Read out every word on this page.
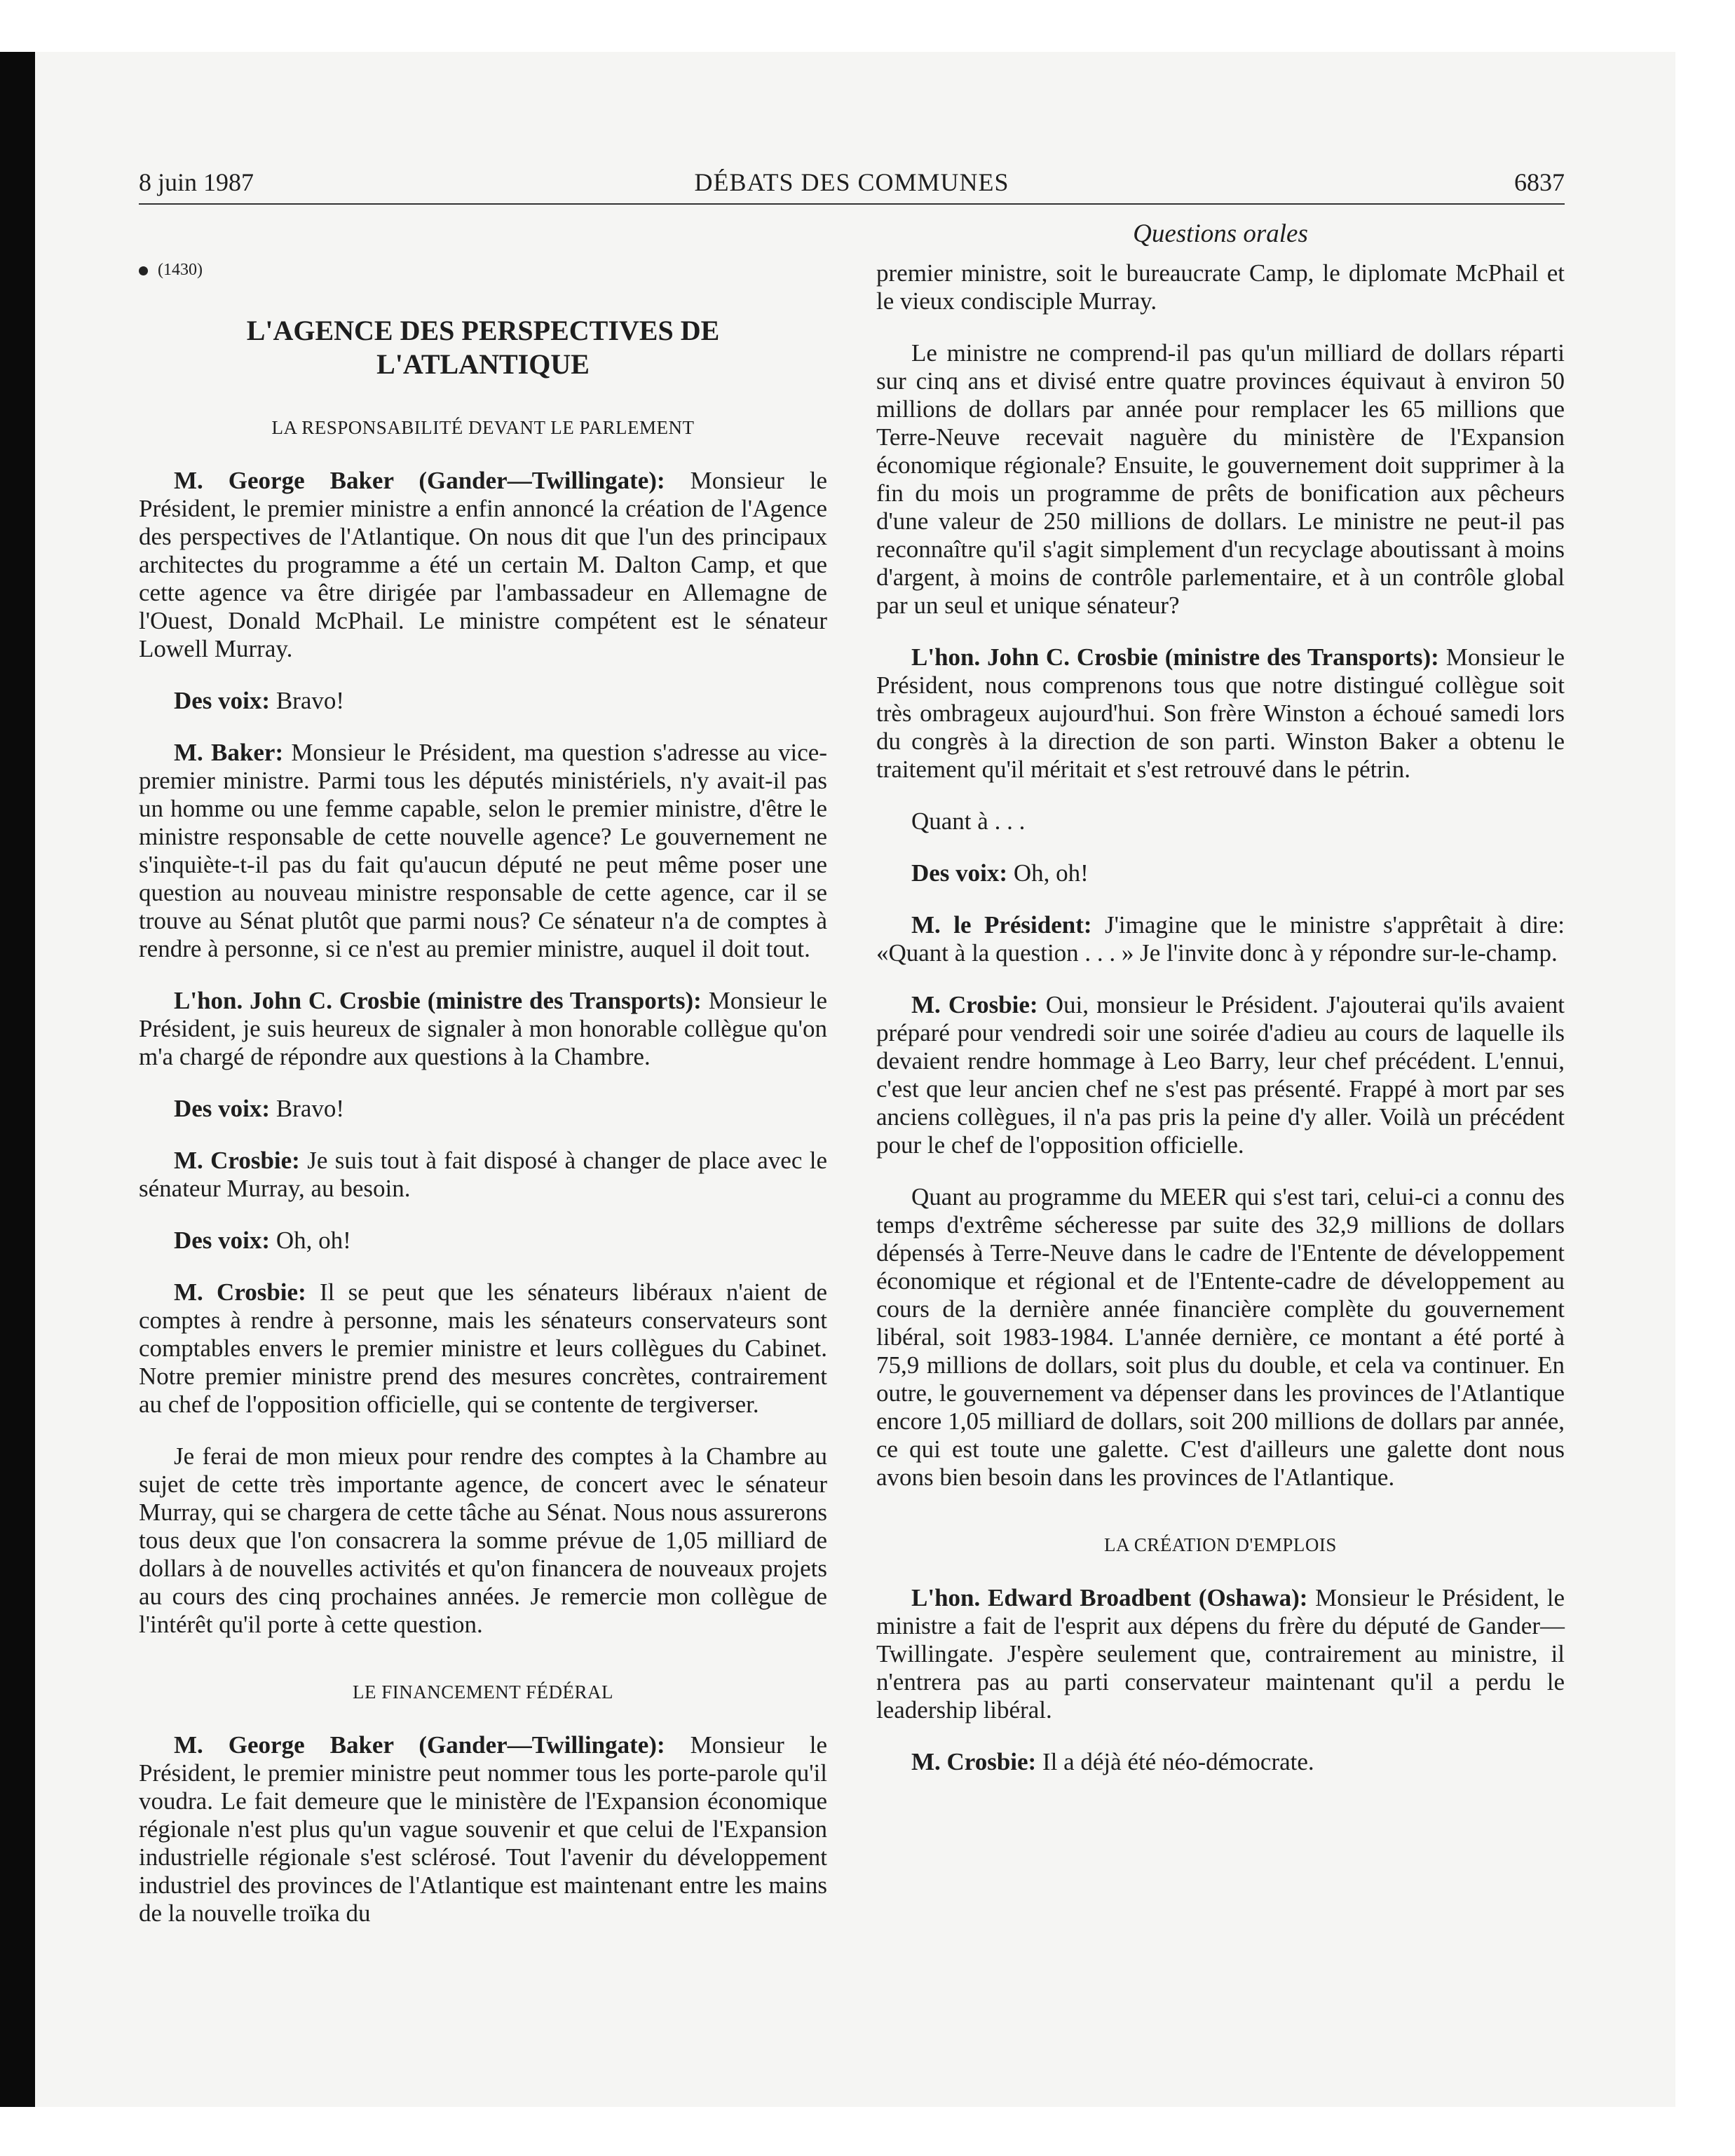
8 juin 1987	DÉBATS DES COMMUNES	6837
Questions orales
(1430)
L'AGENCE DES PERSPECTIVES DE L'ATLANTIQUE
LA RESPONSABILITÉ DEVANT LE PARLEMENT

M. George Baker (Gander—Twillingate): Monsieur le Président, le premier ministre a enfin annoncé la création de l'Agence des perspectives de l'Atlantique. On nous dit que l'un des principaux architectes du programme a été un certain M. Dalton Camp, et que cette agence va être dirigée par l'ambassadeur en Allemagne de l'Ouest, Donald McPhail. Le ministre compétent est le sénateur Lowell Murray.

Des voix: Bravo!

M. Baker: Monsieur le Président, ma question s'adresse au vice-premier ministre. Parmi tous les députés ministériels, n'y avait-il pas un homme ou une femme capable, selon le premier ministre, d'être le ministre responsable de cette nouvelle agence? Le gouvernement ne s'inquiète-t-il pas du fait qu'aucun député ne peut même poser une question au nouveau ministre responsable de cette agence, car il se trouve au Sénat plutôt que parmi nous? Ce sénateur n'a de comptes à rendre à personne, si ce n'est au premier ministre, auquel il doit tout.

L'hon. John C. Crosbie (ministre des Transports): Monsieur le Président, je suis heureux de signaler à mon honorable collègue qu'on m'a chargé de répondre aux questions à la Chambre.

Des voix: Bravo!

M. Crosbie: Je suis tout à fait disposé à changer de place avec le sénateur Murray, au besoin.

Des voix: Oh, oh!

M. Crosbie: Il se peut que les sénateurs libéraux n'aient de comptes à rendre à personne, mais les sénateurs conservateurs sont comptables envers le premier ministre et leurs collègues du Cabinet. Notre premier ministre prend des mesures concrètes, contrairement au chef de l'opposition officielle, qui se contente de tergiverser.

Je ferai de mon mieux pour rendre des comptes à la Chambre au sujet de cette très importante agence, de concert avec le sénateur Murray, qui se chargera de cette tâche au Sénat. Nous nous assurerons tous deux que l'on consacrera la somme prévue de 1,05 milliard de dollars à de nouvelles activités et qu'on financera de nouveaux projets au cours des cinq prochaines années. Je remercie mon collègue de l'intérêt qu'il porte à cette question.

LE FINANCEMENT FÉDÉRAL

M. George Baker (Gander—Twillingate): Monsieur le Président, le premier ministre peut nommer tous les porte-parole qu'il voudra. Le fait demeure que le ministère de l'Expansion économique régionale n'est plus qu'un vague souvenir et que celui de l'Expansion industrielle régionale s'est sclérosé. Tout l'avenir du développement industriel des provinces de l'Atlantique est maintenant entre les mains de la nouvelle troïka du

premier ministre, soit le bureaucrate Camp, le diplomate McPhail et le vieux condisciple Murray.

Le ministre ne comprend-il pas qu'un milliard de dollars réparti sur cinq ans et divisé entre quatre provinces équivaut à environ 50 millions de dollars par année pour remplacer les 65 millions que Terre-Neuve recevait naguère du ministère de l'Expansion économique régionale? Ensuite, le gouvernement doit supprimer à la fin du mois un programme de prêts de bonification aux pêcheurs d'une valeur de 250 millions de dollars. Le ministre ne peut-il pas reconnaître qu'il s'agit simplement d'un recyclage aboutissant à moins d'argent, à moins de contrôle parlementaire, et à un contrôle global par un seul et unique sénateur?

L'hon. John C. Crosbie (ministre des Transports): Monsieur le Président, nous comprenons tous que notre distingué collègue soit très ombrageux aujourd'hui. Son frère Winston a échoué samedi lors du congrès à la direction de son parti. Winston Baker a obtenu le traitement qu'il méritait et s'est retrouvé dans le pétrin.

Quant à . . .

Des voix: Oh, oh!

M. le Président: J'imagine que le ministre s'apprêtait à dire: «Quant à la question . . . » Je l'invite donc à y répondre sur-le-champ.

M. Crosbie: Oui, monsieur le Président. J'ajouterai qu'ils avaient préparé pour vendredi soir une soirée d'adieu au cours de laquelle ils devaient rendre hommage à Leo Barry, leur chef précédent. L'ennui, c'est que leur ancien chef ne s'est pas présenté. Frappé à mort par ses anciens collègues, il n'a pas pris la peine d'y aller. Voilà un précédent pour le chef de l'opposition officielle.

Quant au programme du MEER qui s'est tari, celui-ci a connu des temps d'extrême sécheresse par suite des 32,9 millions de dollars dépensés à Terre-Neuve dans le cadre de l'Entente de développement économique et régional et de l'Entente-cadre de développement au cours de la dernière année financière complète du gouvernement libéral, soit 1983-1984. L'année dernière, ce montant a été porté à 75,9 millions de dollars, soit plus du double, et cela va continuer. En outre, le gouvernement va dépenser dans les provinces de l'Atlantique encore 1,05 milliard de dollars, soit 200 millions de dollars par année, ce qui est toute une galette. C'est d'ailleurs une galette dont nous avons bien besoin dans les provinces de l'Atlantique.

LA CRÉATION D'EMPLOIS

L'hon. Edward Broadbent (Oshawa): Monsieur le Président, le ministre a fait de l'esprit aux dépens du frère du député de Gander—Twillingate. J'espère seulement que, contrairement au ministre, il n'entrera pas au parti conservateur maintenant qu'il a perdu le leadership libéral.

M. Crosbie: Il a déjà été néo-démocrate.
